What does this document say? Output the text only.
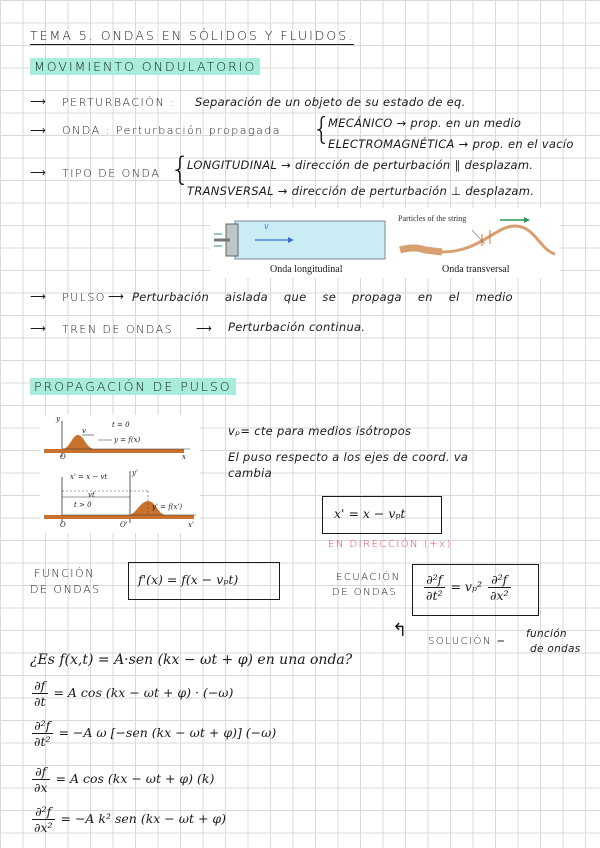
TEMA 5. ONDAS EN SÓLIDOS Y FLUIDOS.
MOVIMIENTO ONDULATORIO
⟶ PERTURBACIÓN : Separación de un objeto de su estado de eq.
⟶ ONDA : Perturbación propagada {
MECÁNICO → prop. en un medio
ELECTROMAGNÉTICA → prop. en el vacío
⟶ TIPO DE ONDA {
LONGITUDINAL → dirección de perturbación ∥ desplazam.
TRANSVERSAL → dirección de perturbación ⊥ desplazam.
v
Particles of the string
Onda longitudinal	Onda transversal
⟶ PULSO ⟶ Perturbación aislada que se propaga en el medio
⟶ TREN DE ONDAS ⟶ Perturbación continua.
PROPAGACIÓN DE PULSO
y
t = 0
v
y = f(x)
O	x
x' = x − vt	y'
vt
t > 0	y' = f(x')
O	O'	x'
vₚ= cte para medios isótropos
El puso respecto a los ejes de coord. va
cambia
x' = x − vₚt
EN DIRECCIÓN (+x)
FUNCIÓN
DE ONDAS
f'(x) = f(x − vₚt)	ECUACIÓN
DE ONDAS $\frac{\text{∂²f}}{\text{∂t²}} = v_p^2 \frac{\text{∂²f}}{\text{∂x²}}$
↰
SOLUCIÓN =
función
de ondas
¿Es f(x,t) = A·sen (kx − ωt + φ) en una onda?
$\frac{\partial f}{\partial t} = A$ cos (kx − ωt + φ) · (−ω)
$\frac{\text{∂²f}}{\text{∂t²}} = -A$ ω [−sen (kx − ωt + φ)] (−ω)
$\frac{\partial f}{\partial x} = A$ cos (kx − ωt + φ) (k)
$\frac{\text{∂²f}}{\text{∂x²}} = -A$ k² sen (kx − ωt + φ)
